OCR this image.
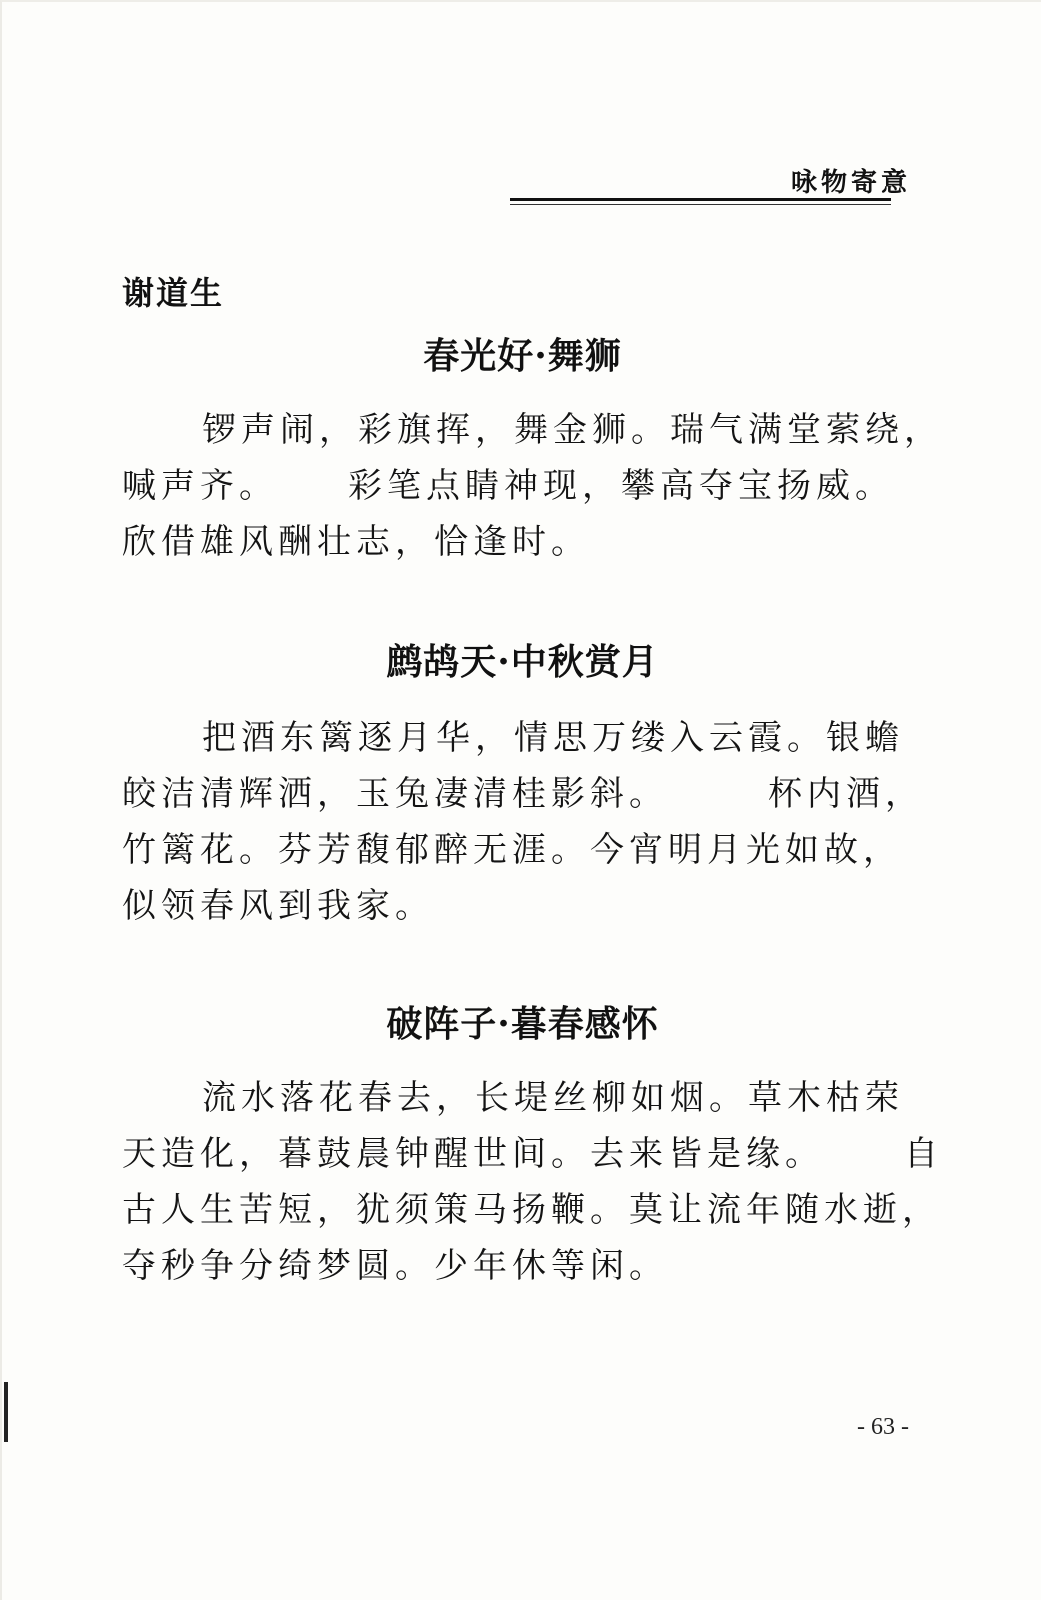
咏物寄意
谢道生
春光好·舞狮
锣声闹，彩旗挥，舞金狮。瑞气满堂萦绕，
喊声齐。 彩笔点睛神现，攀高夺宝扬威。
欣借雄风酬壮志，恰逢时。
鹧鸪天·中秋赏月
把酒东篱逐月华，情思万缕入云霞。银蟾
皎洁清辉洒，玉兔凄清桂影斜。	杯内酒，
竹篱花。芬芳馥郁醉无涯。今宵明月光如故，
似领春风到我家。
破阵子·暮春感怀
流水落花春去，长堤丝柳如烟。草木枯荣
天造化，暮鼓晨钟醒世间。去来皆是缘。 自
古人生苦短，犹须策马扬鞭。莫让流年随水逝，
夺秒争分绮梦圆。少年休等闲。
- 63 -
